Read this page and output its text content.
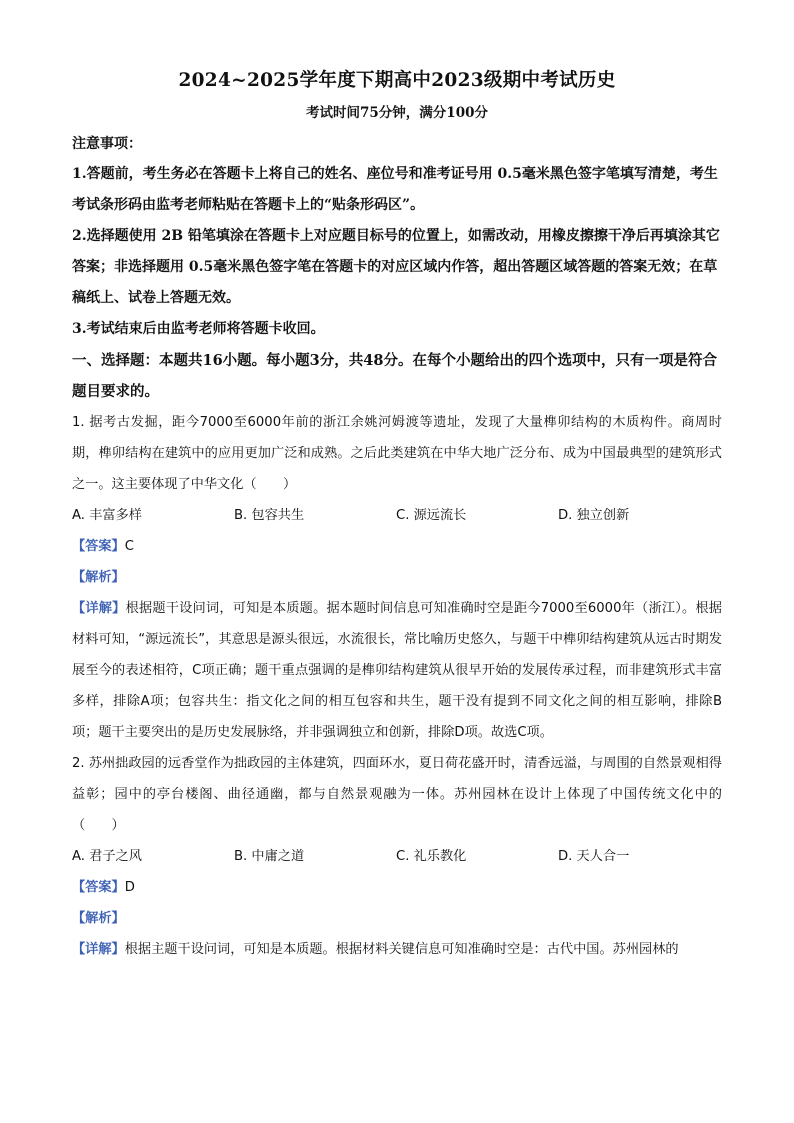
2024~2025学年度下期高中2023级期中考试历史
考试时间75分钟，满分100分
注意事项：

1.答题前，考生务必在答题卡上将自己的姓名、座位号和准考证号用 0.5毫米黑色签字笔填写清楚，考生考试条形码由监考老师粘贴在答题卡上的“贴条形码区”。

2.选择题使用 2B 铅笔填涂在答题卡上对应题目标号的位置上，如需改动，用橡皮擦擦干净后再填涂其它答案；非选择题用 0.5毫米黑色签字笔在答题卡的对应区域内作答，超出答题区域答题的答案无效；在草稿纸上、试卷上答题无效。

3.考试结束后由监考老师将答题卡收回。

一、选择题：本题共16小题。每小题3分，共48分。在每个小题给出的四个选项中，只有一项是符合题目要求的。

1. 据考古发掘，距今7000至6000年前的浙江余姚河姆渡等遗址，发现了大量榫卯结构的木质构件。商周时期，榫卯结构在建筑中的应用更加广泛和成熟。之后此类建筑在中华大地广泛分布、成为中国最典型的建筑形式之一。这主要体现了中华文化（　　）

A. 丰富多样	B. 包容共生	C. 源远流长	D. 独立创新
【答案】C
【解析】

【详解】根据题干设问词，可知是本质题。据本题时间信息可知准确时空是距今7000至6000年（浙江）。根据材料可知，“源远流长”，其意思是源头很远，水流很长，常比喻历史悠久，与题干中榫卯结构建筑从远古时期发展至今的表述相符，C项正确；题干重点强调的是榫卯结构建筑从很早开始的发展传承过程，而非建筑形式丰富多样，排除A项；包容共生：指文化之间的相互包容和共生，题干没有提到不同文化之间的相互影响，排除B项；题干主要突出的是历史发展脉络，并非强调独立和创新，排除D项。故选C项。

2. 苏州拙政园的远香堂作为拙政园的主体建筑，四面环水，夏日荷花盛开时，清香远溢，与周围的自然景观相得益彰；园中的亭台楼阁、曲径通幽，都与自然景观融为一体。苏州园林在设计上体现了中国传统文化中的（　　）

A. 君子之风	B. 中庸之道	C. 礼乐教化	D. 天人合一
【答案】D
【解析】

【详解】根据主题干设问词，可知是本质题。根据材料关键信息可知准确时空是：古代中国。苏州园林的
